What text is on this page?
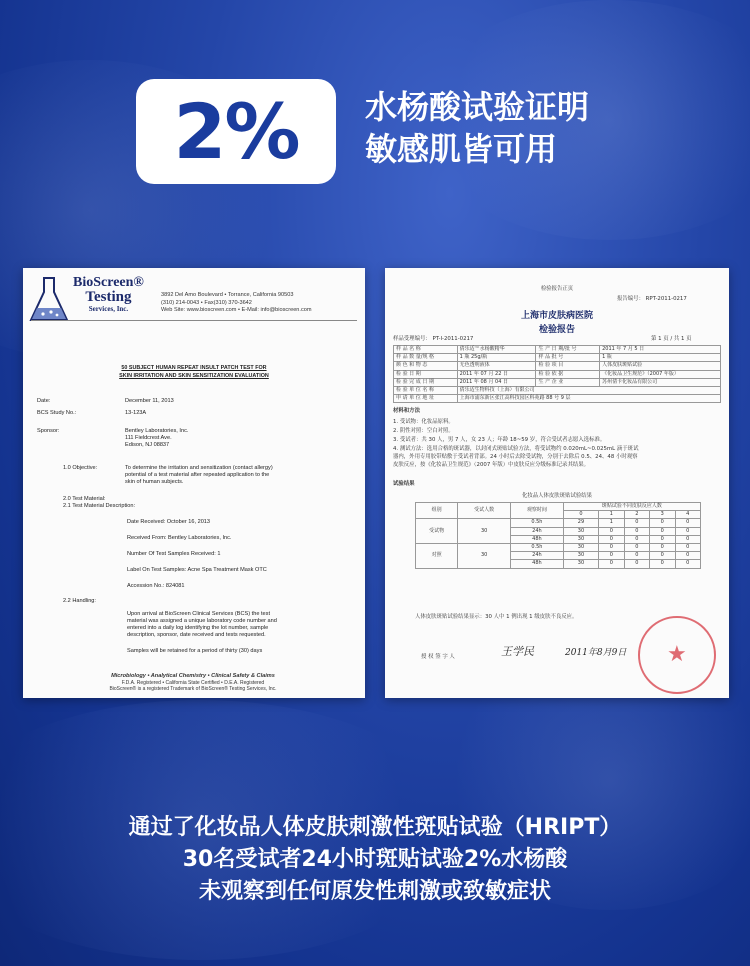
2% 水杨酸试验证明
敏感肌皆可用
BioScreen®
Testing
Services, Inc.
3892 Del Amo Boulevard • Torrance, California 90503
(310) 214-0043 • Fax(310) 370-3642
Web Site: www.bioscreen.com • E-Mail: info@bioscreen.com
50 SUBJECT HUMAN REPEAT INSULT PATCH TEST FOR
SKIN IRRITATION AND SKIN SENSITIZATION EVALUATION
Date:	December 11, 2013
BCS Study No.:	13-123A
Sponsor:	Bentley Laboratories, Inc.
111 Fieldcrest Ave.
Edison, NJ 08837
1.0 Objective:	To determine the irritation and sensitization (contact allergy)
potential of a test material after repeated application to the
skin of human subjects.
2.0 Test Material:
2.1 Test Material Description:
Date Received: October 16, 2013
Received From: Bentley Laboratories, Inc.
Number Of Test Samples Received: 1
Label On Test Samples: Acne Spa Treatment Mask OTC
Accession No.: 824081
2.2 Handling:
Upon arrival at BioScreen Clinical Services (BCS) the test
material was assigned a unique laboratory code number and
entered into a daily log identifying the lot number, sample
description, sponsor, date received and tests requested.
Samples will be retained for a period of thirty (30) days
Microbiology • Analytical Chemistry • Clinical Safety & Claims
F.D.A. Registered • California State Certified • D.E.A. Registered
BioScreen® is a registered Trademark of BioScreen® Testing Services, Inc.
检验报告正页
报告编号： RPT-2011-0217
上海市皮肤病医院
检验报告
样品受理编号： PT-I-2011-0217	第 1 页 / 共 1 页
样 品 名 称	倩乐适™水杨酸精华	生 产 日 期/批 号	2011 年 7 月 5 日
样 品 数 量/规 格	1 瓶 25g/瓶	样 品 批 号	1 瓶
颜 色 和 物 态	无色透明液体	检 验 项 目	人体皮肤斑贴试验
检 验 日 期	2011 年 07 月 22 日	检 验 依 据	《化妆品卫生规范》（2007 年版）
检 验 完 成 日 期	2011 年 08 月 04 日	生 产 企 业	苏州倩卡化妆品有限公司
检 验 单 位 名 称	倩乐适生物科技（上海）有限公司		
申 请 单 位 地 址	上海市浦东新区张江高科技园区科苑路 88 号 9 层		
材料和方法
1. 受试物：化妆品原料。
2. 阴性对照：空白对照。
3. 受试者：共 30 人，男 7 人，女 23 人；年龄 18~59 岁，符合受试者志愿入选标准。
4. 测试方法：选用合格的斑试器，以封闭式斑贴试验方法，将受试物约 0.020mL~0.025mL 滴于斑试
器内，外用专用胶带贴敷于受试者背部。24 小时后去除受试物，分别于去除后 0.5、24、48 小时观察
皮肤反应，按《化妆品卫生规范》（2007 年版）中皮肤反应分级标准记录其结果。
试验结果
化妆品人体皮肤斑贴试验结果
组别	受试人数	观察时间	斑贴试验不同皮肤反应人数				
			0	1	2	3	4
受试物	30	0.5h	29	1	0	0	0
		24h	30	0	0	0	0
		48h	30	0	0	0	0
对照	30	0.5h	30	0	0	0	0
		24h	30	0	0	0	0
		48h	30	0	0	0	0
人体皮肤斑贴试验结果显示：30 人中 1 例出现 1 级皮肤不良反应。
授 权 签 字 人	王学民	2011年8月9日 ★
通过了化妆品人体皮肤刺激性斑贴试验（HRIPT）
30名受试者24小时斑贴试验2%水杨酸
未观察到任何原发性刺激或致敏症状
